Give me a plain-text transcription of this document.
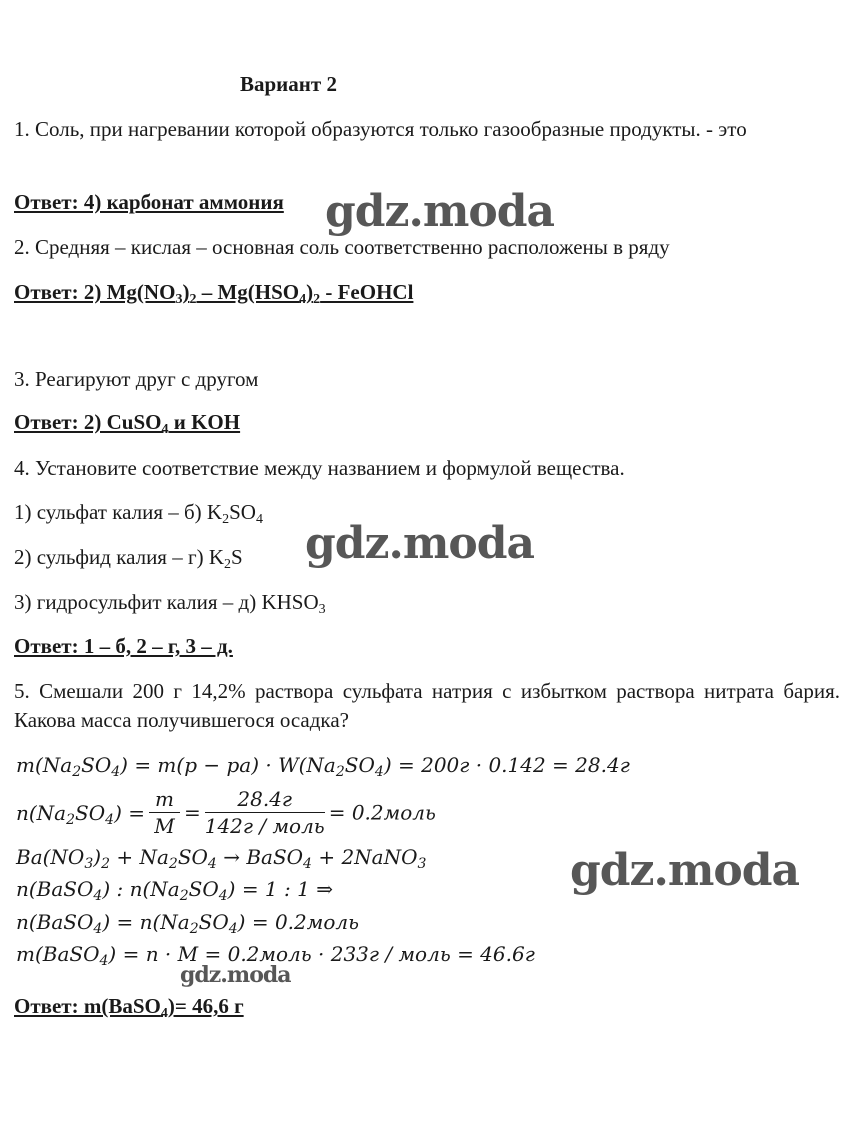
Вариант 2
1. Соль, при нагревании которой образуются только газообразные продукты. - это
Ответ: 4) карбонат аммония
2. Средняя – кислая – основная соль соответственно расположены в ряду
Ответ: 2) $Mg(NO_3)_2 - Mg(HSO_4)_2$ - FeOHCl
3. Реагируют друг с другом
Ответ: 2) CuSO$_4$ и KOH
4. Установите соответствие между названием и формулой вещества.
1) сульфат калия – б) $K_2SO_4$
2) сульфид калия – г) $K_2S$
3) гидросульфит калия – д) $KHSO_3$
Ответ: 1 – б, 2 – г, 3 – д.
5. Смешали 200 г 14,2% раствора сульфата натрия с избытком раствора нитрата бария. Какова масса получившегося осадка?
$m(Na_2SO_4) = m(p - pa) \cdot W(Na_2SO_4) = 200г \cdot 0.142 = 28.4г$
$n(Na_2SO_4) = \frac{m}{M} = \frac{28.4г}{\text{142г / моль}}$ = 0.2моль
$Ba(NO_3)_2 + Na_2SO_4$ → BaSO$_4$ + 2NaNO$_3$
n(BaSO$_4$) : $n(Na_2SO_4) = 1$ : 1 ⇒
n(BaSO$_4$) = $n(Na_2SO_4)$ = 0.2моль
m(BaSO$_4$) = n · M = 0.2моль · 233г / моль = 46.6г
Ответ: m(BaSO$_4$)= 46,6 г
gdz.moda
gdz.moda
gdz.moda
gdz.moda
